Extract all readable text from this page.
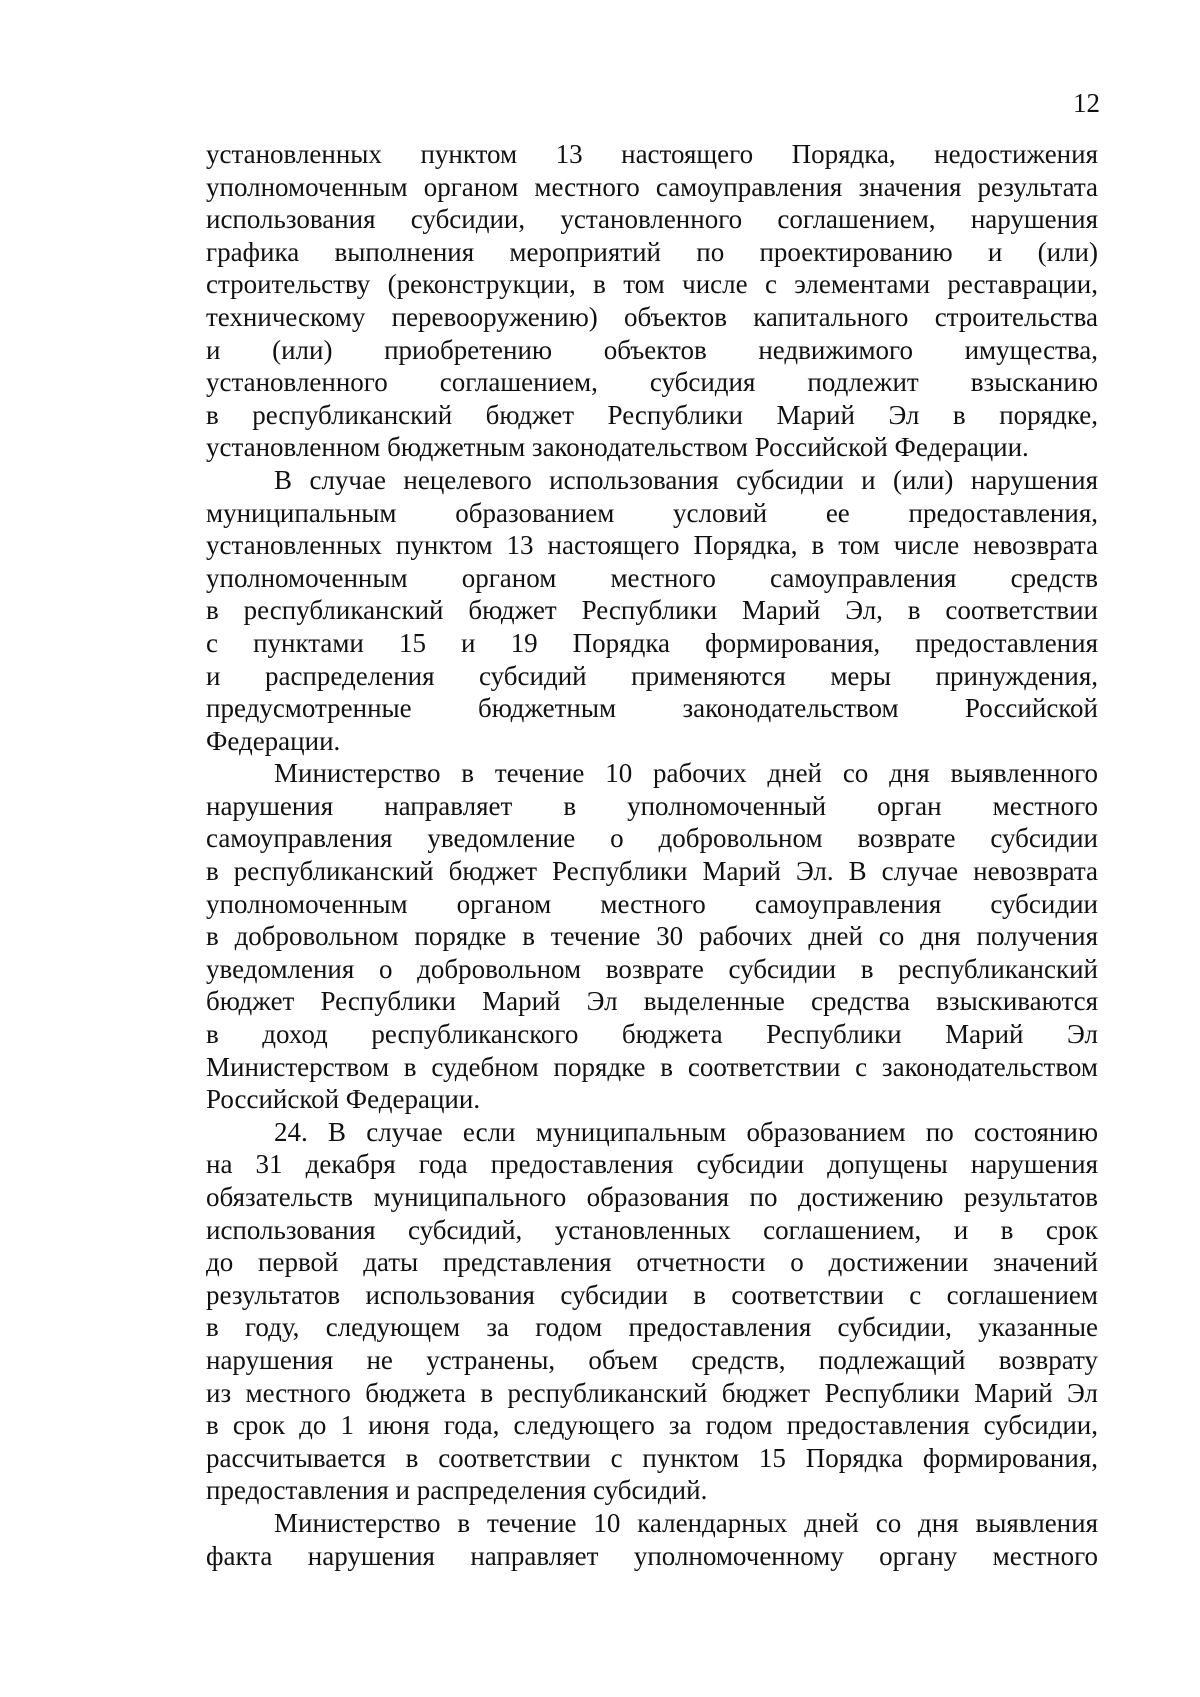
12
установленных пунктом 13 настоящего Порядка, недостижения
уполномоченным органом местного самоуправления значения результата
использования субсидии, установленного соглашением, нарушения
графика выполнения мероприятий по проектированию и (или)
строительству (реконструкции, в том числе с элементами реставрации,
техническому перевооружению) объектов капитального строительства
и (или) приобретению объектов недвижимого имущества,
установленного соглашением, субсидия подлежит взысканию
в республиканский бюджет Республики Марий Эл в порядке,
установленном бюджетным законодательством Российской Федерации.
В случае нецелевого использования субсидии и (или) нарушения
муниципальным образованием условий ее предоставления,
установленных пунктом 13 настоящего Порядка, в том числе невозврата
уполномоченным органом местного самоуправления средств
в республиканский бюджет Республики Марий Эл, в соответствии
с пунктами 15 и 19 Порядка формирования, предоставления
и распределения субсидий применяются меры принуждения,
предусмотренные бюджетным законодательством Российской
Федерации.
Министерство в течение 10 рабочих дней со дня выявленного
нарушения направляет в уполномоченный орган местного
самоуправления уведомление о добровольном возврате субсидии
в республиканский бюджет Республики Марий Эл. В случае невозврата
уполномоченным органом местного самоуправления субсидии
в добровольном порядке в течение 30 рабочих дней со дня получения
уведомления о добровольном возврате субсидии в республиканский
бюджет Республики Марий Эл выделенные средства взыскиваются
в доход республиканского бюджета Республики Марий Эл
Министерством в судебном порядке в соответствии с законодательством
Российской Федерации.
24. В случае если муниципальным образованием по состоянию
на 31 декабря года предоставления субсидии допущены нарушения
обязательств муниципального образования по достижению результатов
использования субсидий, установленных соглашением, и в срок
до первой даты представления отчетности о достижении значений
результатов использования субсидии в соответствии с соглашением
в году, следующем за годом предоставления субсидии, указанные
нарушения не устранены, объем средств, подлежащий возврату
из местного бюджета в республиканский бюджет Республики Марий Эл
в срок до 1 июня года, следующего за годом предоставления субсидии,
рассчитывается в соответствии с пунктом 15 Порядка формирования,
предоставления и распределения субсидий.
Министерство в течение 10 календарных дней со дня выявления
факта нарушения направляет уполномоченному органу местного
